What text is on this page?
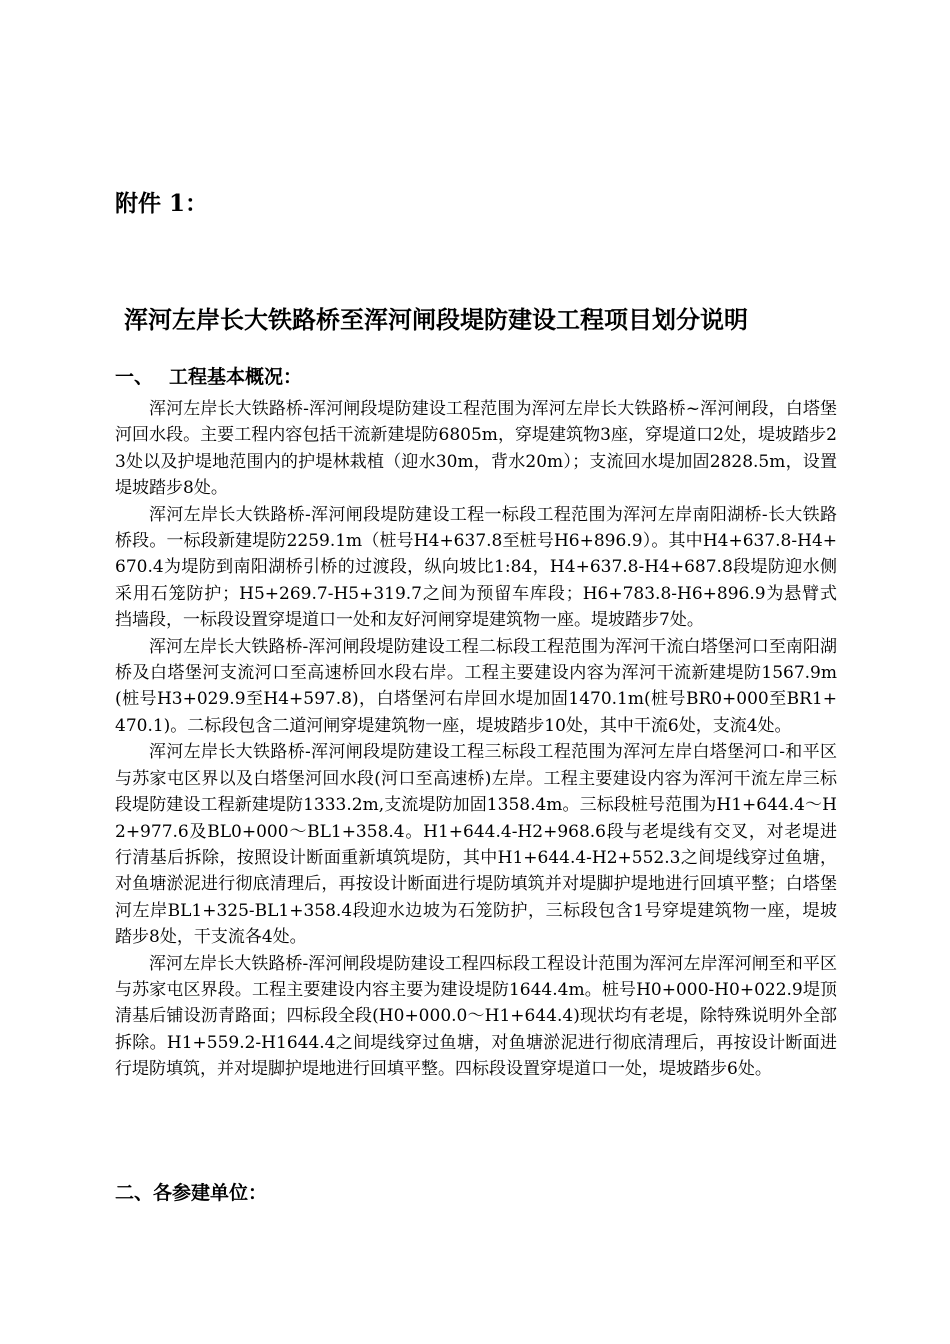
附件 1：
浑河左岸长大铁路桥至浑河闸段堤防建设工程项目划分说明
一、 工程基本概况：

浑河左岸长大铁路桥-浑河闸段堤防建设工程范围为浑河左岸长大铁路桥~浑河闸段，白塔堡河回水段。主要工程内容包括干流新建堤防6805m，穿堤建筑物3座，穿堤道口2处，堤坡踏步23处以及护堤地范围内的护堤林栽植（迎水30m，背水20m）；支流回水堤加固2828.5m，设置堤坡踏步8处。

浑河左岸长大铁路桥-浑河闸段堤防建设工程一标段工程范围为浑河左岸南阳湖桥-长大铁路桥段。一标段新建堤防2259.1m（桩号H4+637.8至桩号H6+896.9）。其中H4+637.8-H4+670.4为堤防到南阳湖桥引桥的过渡段，纵向坡比1:84，H4+637.8-H4+687.8段堤防迎水侧采用石笼防护；H5+269.7-H5+319.7之间为预留车库段；H6+783.8-H6+896.9为悬臂式挡墙段，一标段设置穿堤道口一处和友好河闸穿堤建筑物一座。堤坡踏步7处。

浑河左岸长大铁路桥-浑河闸段堤防建设工程二标段工程范围为浑河干流白塔堡河口至南阳湖桥及白塔堡河支流河口至高速桥回水段右岸。工程主要建设内容为浑河干流新建堤防1567.9m(桩号H3+029.9至H4+597.8)，白塔堡河右岸回水堤加固1470.1m(桩号BR0+000至BR1+470.1)。二标段包含二道河闸穿堤建筑物一座，堤坡踏步10处，其中干流6处，支流4处。

浑河左岸长大铁路桥-浑河闸段堤防建设工程三标段工程范围为浑河左岸白塔堡河口-和平区与苏家屯区界以及白塔堡河回水段(河口至高速桥)左岸。工程主要建设内容为浑河干流左岸三标段堤防建设工程新建堤防1333.2m,支流堤防加固1358.4m。三标段桩号范围为H1+644.4～H2+977.6及BL0+000～BL1+358.4。H1+644.4-H2+968.6段与老堤线有交叉，对老堤进行清基后拆除，按照设计断面重新填筑堤防，其中H1+644.4-H2+552.3之间堤线穿过鱼塘，对鱼塘淤泥进行彻底清理后，再按设计断面进行堤防填筑并对堤脚护堤地进行回填平整；白塔堡河左岸BL1+325-BL1+358.4段迎水边坡为石笼防护，三标段包含1号穿堤建筑物一座，堤坡踏步8处，干支流各4处。

浑河左岸长大铁路桥-浑河闸段堤防建设工程四标段工程设计范围为浑河左岸浑河闸至和平区与苏家屯区界段。工程主要建设内容主要为建设堤防1644.4m。桩号H0+000-H0+022.9堤顶清基后铺设沥青路面；四标段全段(H0+000.0～H1+644.4)现状均有老堤，除特殊说明外全部拆除。H1+559.2-H1644.4之间堤线穿过鱼塘，对鱼塘淤泥进行彻底清理后，再按设计断面进行堤防填筑，并对堤脚护堤地进行回填平整。四标段设置穿堤道口一处，堤坡踏步6处。

二、各参建单位：
